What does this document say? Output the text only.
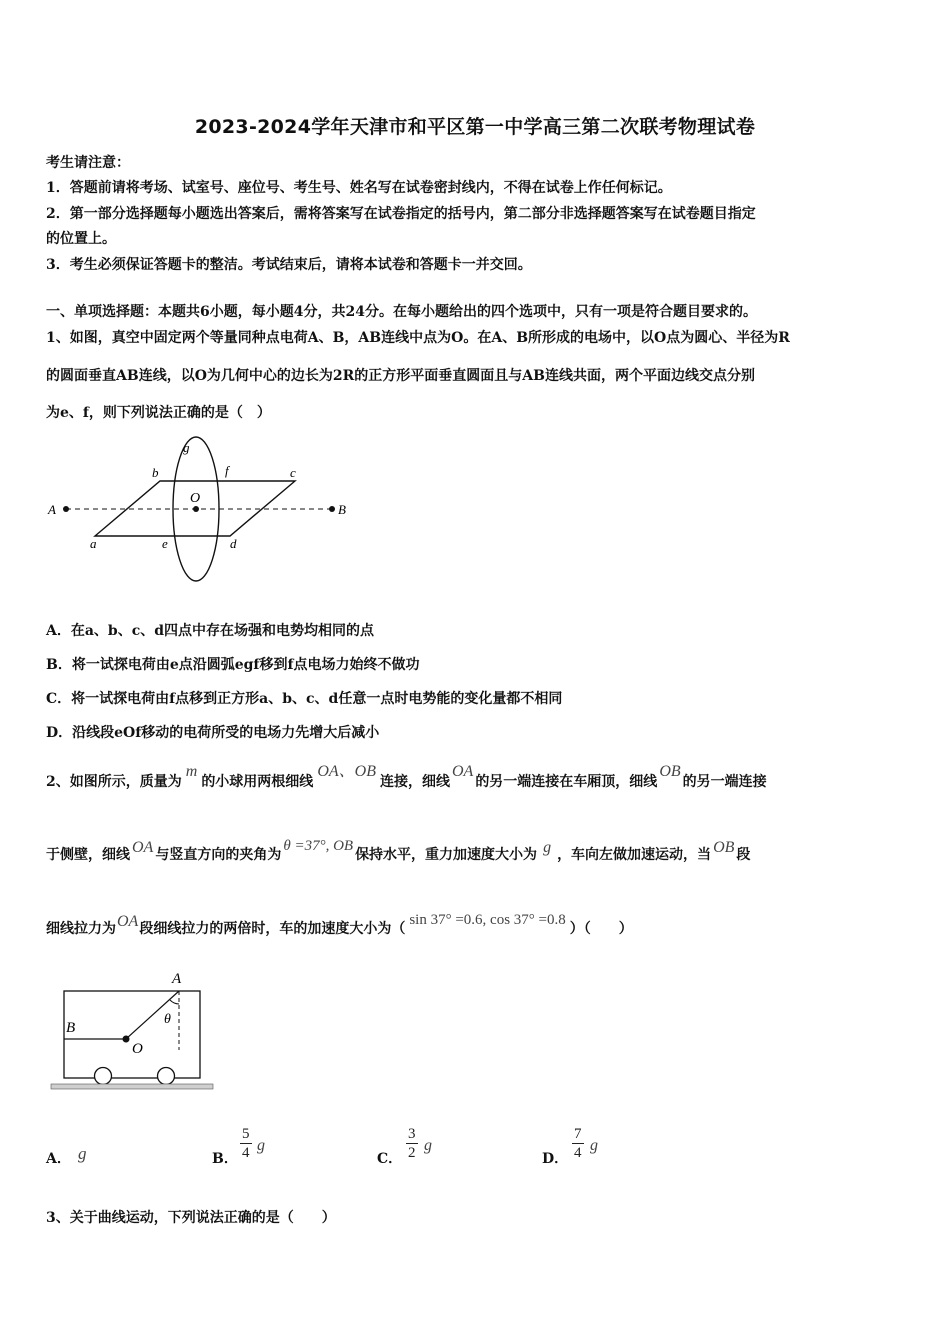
2023-2024学年天津市和平区第一中学高三第二次联考物理试卷
考生请注意：
1．答题前请将考场、试室号、座位号、考生号、姓名写在试卷密封线内，不得在试卷上作任何标记。
2．第一部分选择题每小题选出答案后，需将答案写在试卷指定的括号内，第二部分非选择题答案写在试卷题目指定
的位置上。
3．考生必须保证答题卡的整洁。考试结束后，请将本试卷和答题卡一并交回。
一、单项选择题：本题共6小题，每小题4分，共24分。在每小题给出的四个选项中，只有一项是符合题目要求的。
1、如图，真空中固定两个等量同种点电荷A、B，AB连线中点为O。在A、B所形成的电场中，以O点为圆心、半径为R
的圆面垂直AB连线，以O为几何中心的边长为2R的正方形平面垂直圆面且与AB连线共面，两个平面边线交点分别
为e、f，则下列说法正确的是（　）
A	B
O
a
b	c
d
e
f
g
A．在a、b、c、d四点中存在场强和电势均相同的点
B．将一试探电荷由e点沿圆弧egf移到f点电场力始终不做功
C．将一试探电荷由f点移到正方形a、b、c、d任意一点时电势能的变化量都不相同
D．沿线段eOf移动的电荷所受的电场力先增大后减小
2、如图所示，质量为m的小球用两根细线OA、OB连接，细线OA的另一端连接在车厢顶，细线OB的另一端连接
于侧壁，细线 OA 与竖直方向的夹角为θ =37°, OB保持水平，重力加速度大小为 g ，车向左做加速运动，当 OB 段
细线拉力为OA段细线拉力的两倍时，车的加速度大小为（sin 37° =0.6, cos 37° =0.8）（　　）
A
B
O
θ
A． g	B． $\frac{5}{4}$ g
C． $\frac{3}{2}$ g
D． $\frac{7}{4}$ g
3、关于曲线运动，下列说法正确的是（　　）
